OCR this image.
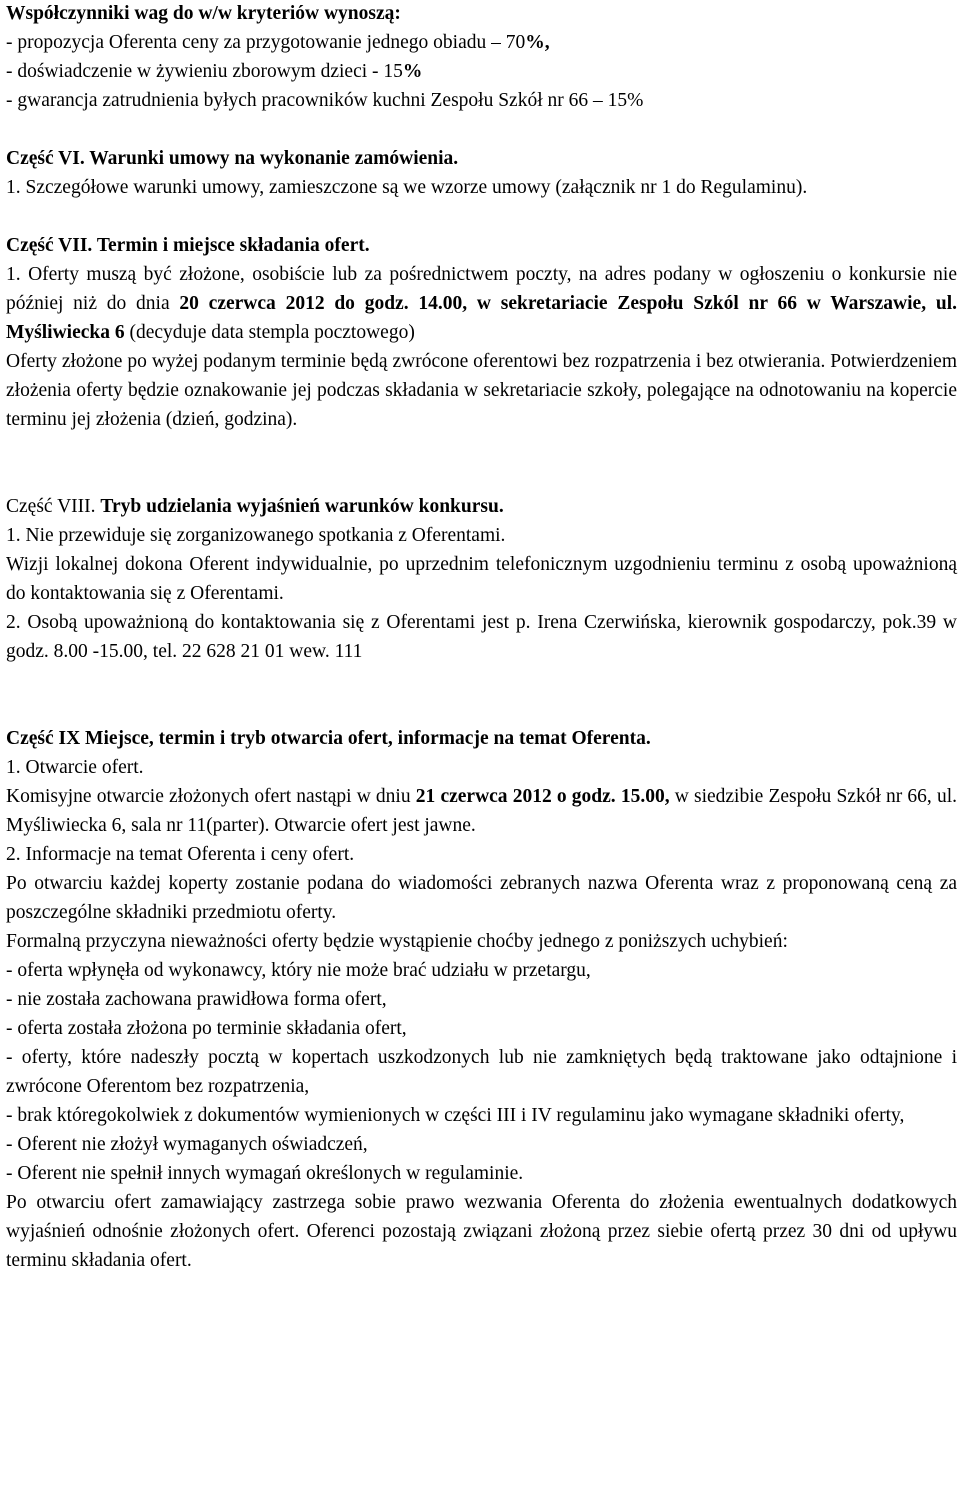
Współczynniki wag do w/w kryteriów wynoszą:

- propozycja Oferenta ceny za przygotowanie jednego obiadu – 70%,

- doświadczenie w żywieniu zborowym dzieci - 15%

- gwarancja zatrudnienia byłych pracowników kuchni Zespołu Szkół nr 66 – 15%

Część VI. Warunki umowy na wykonanie zamówienia.

1. Szczegółowe warunki umowy, zamieszczone są we wzorze umowy (załącznik nr 1 do Regulaminu).

Część VII. Termin i miejsce składania ofert.

1. Oferty muszą być złożone, osobiście lub za pośrednictwem poczty, na adres podany w ogłoszeniu o konkursie nie później niż do dnia 20 czerwca 2012 do godz. 14.00, w sekretariacie Zespołu Szkól nr 66 w Warszawie, ul. Myśliwiecka 6 (decyduje data stempla pocztowego)

Oferty złożone po wyżej podanym terminie będą zwrócone oferentowi bez rozpatrzenia i bez otwierania. Potwierdzeniem złożenia oferty będzie oznakowanie jej podczas składania w sekretariacie szkoły, polegające na odnotowaniu na kopercie terminu jej złożenia (dzień, godzina).

Część VIII. Tryb udzielania wyjaśnień warunków konkursu.

1. Nie przewiduje się zorganizowanego spotkania z Oferentami.

Wizji lokalnej dokona Oferent indywidualnie, po uprzednim telefonicznym uzgodnieniu terminu z osobą upoważnioną do kontaktowania się z Oferentami.

2. Osobą upoważnioną do kontaktowania się z Oferentami jest p. Irena Czerwińska, kierownik gospodarczy, pok.39 w godz. 8.00 -15.00, tel. 22 628 21 01 wew. 111

Część IX Miejsce, termin i tryb otwarcia ofert, informacje na temat Oferenta.

1. Otwarcie ofert.

Komisyjne otwarcie złożonych ofert nastąpi w dniu 21 czerwca 2012 o godz. 15.00, w siedzibie Zespołu Szkół nr 66, ul. Myśliwiecka 6, sala nr 11(parter). Otwarcie ofert jest jawne.

2. Informacje na temat Oferenta i ceny ofert.

Po otwarciu każdej koperty zostanie podana do wiadomości zebranych nazwa Oferenta wraz z proponowaną ceną za poszczególne składniki przedmiotu oferty.

Formalną przyczyna nieważności oferty będzie wystąpienie choćby jednego z poniższych uchybień:

- oferta wpłynęła od wykonawcy, który nie może brać udziału w przetargu,

- nie została zachowana prawidłowa forma ofert,

- oferta została złożona po terminie składania ofert,

- oferty, które nadeszły pocztą w kopertach uszkodzonych lub nie zamkniętych będą traktowane jako odtajnione i zwrócone Oferentom bez rozpatrzenia,

- brak któregokolwiek z dokumentów wymienionych w części III i IV regulaminu jako wymagane składniki oferty,

- Oferent nie złożył wymaganych oświadczeń,

- Oferent nie spełnił innych wymagań określonych w regulaminie.

Po otwarciu ofert zamawiający zastrzega sobie prawo wezwania Oferenta do złożenia ewentualnych dodatkowych wyjaśnień odnośnie złożonych ofert. Oferenci pozostają związani złożoną przez siebie ofertą przez 30 dni od upływu terminu składania ofert.
